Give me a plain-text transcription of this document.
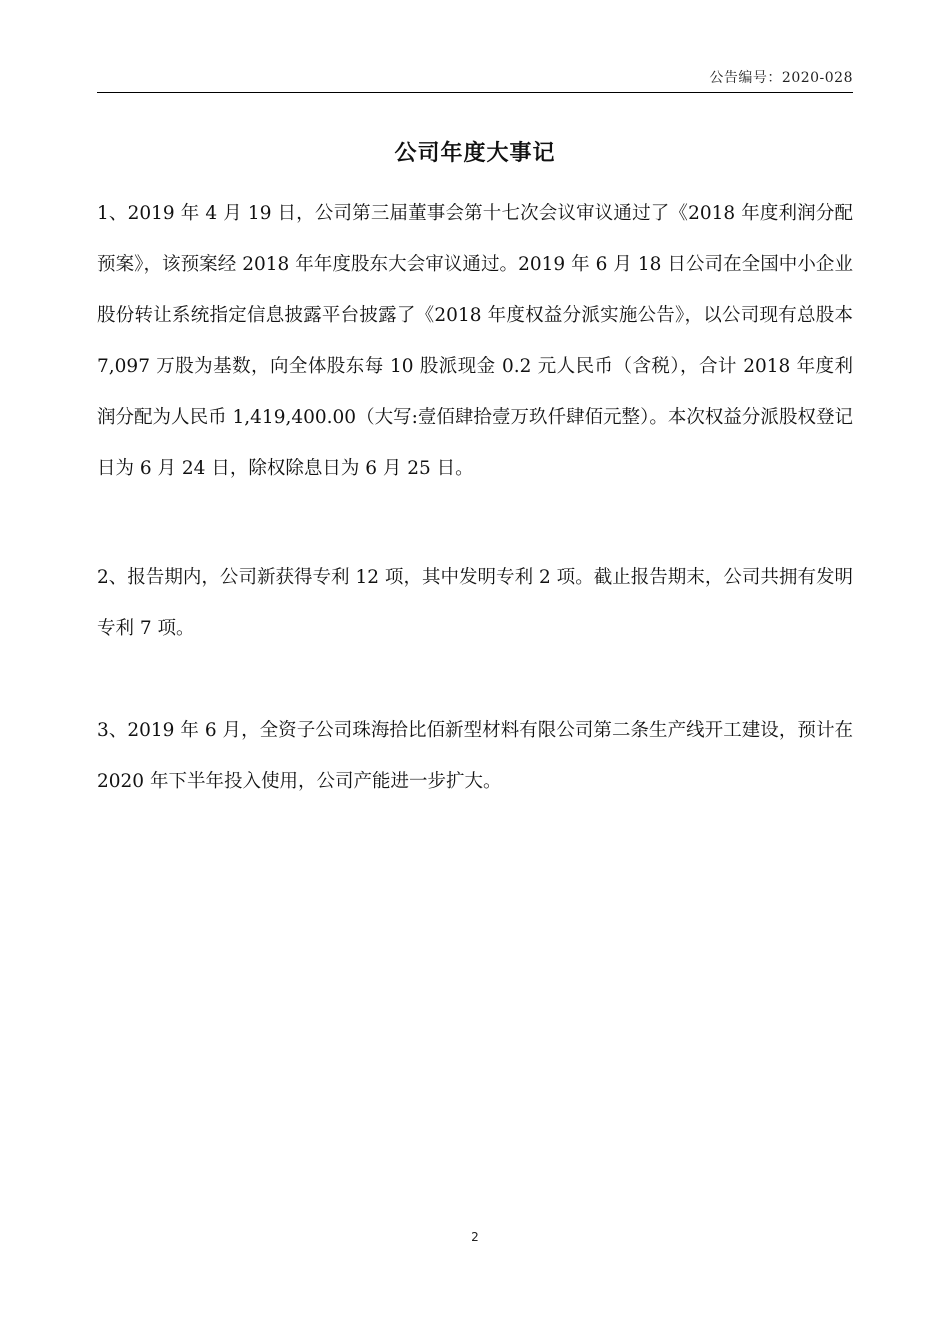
公告编号：2020-028
公司年度大事记

1、2019 年 4 月 19 日，公司第三届董事会第十七次会议审议通过了《2018 年度利润分配预案》，该预案经 2018 年年度股东大会审议通过。2019 年 6 月 18 日公司在全国中小企业股份转让系统指定信息披露平台披露了《2018 年度权益分派实施公告》，以公司现有总股本 7,097 万股为基数，向全体股东每 10 股派现金 0.2 元人民币（含税），合计 2018 年度利润分配为人民币 1,419,400.00（大写:壹佰肆拾壹万玖仟肆佰元整）。本次权益分派股权登记日为 6 月 24 日，除权除息日为 6 月 25 日。

2、报告期内，公司新获得专利 12 项，其中发明专利 2 项。截止报告期末，公司共拥有发明专利 7 项。

3、2019 年 6 月，全资子公司珠海拾比佰新型材料有限公司第二条生产线开工建设，预计在 2020 年下半年投入使用，公司产能进一步扩大。

2
